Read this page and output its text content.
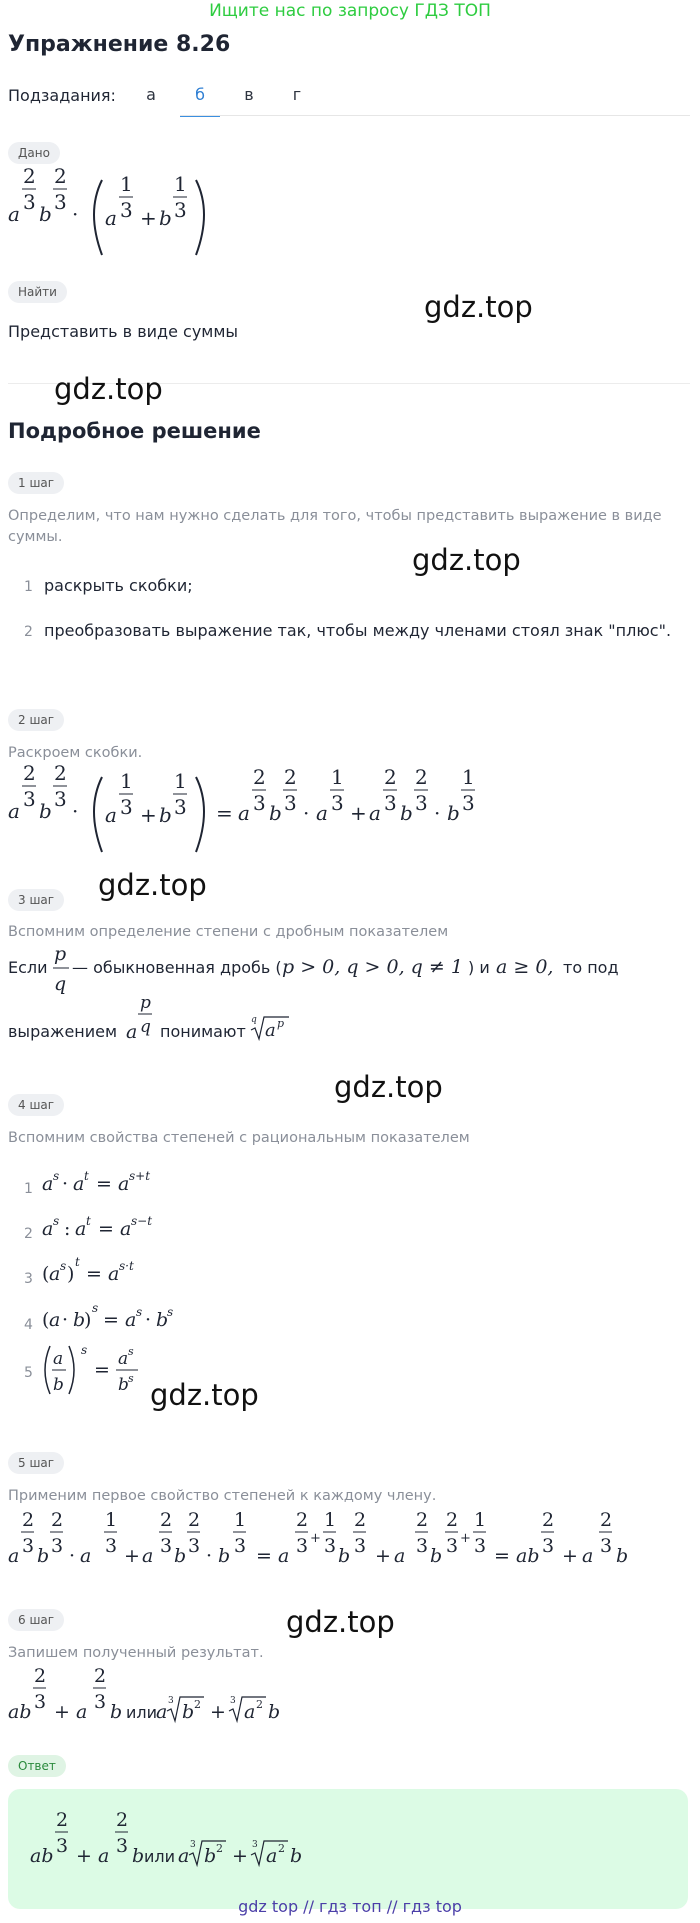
Ищите нас по запросу ГДЗ ТОП
Упражнение 8.26
Подзадания:	а	б	в	г
Дано
a
2
3 b
2
3 · a
1
3 + b
1
3
Найти
Представить в виде суммы
gdz.top
gdz.top
gdz.top
gdz.top
gdz.top
gdz.top
gdz.top
Подробное решение
1 шаг
Определим, что нам нужно сделать для того, чтобы представить выражение в виде суммы.
1 раскрыть скобки;
2 преобразовать выражение так, чтобы между членами стоял знак "плюс".
2 шаг
Раскроем скобки.
a
2
3 b
2
3 · a
1
3 + b
1
3 = a
2
3 b
2
3 · a
1
3 + a
2
3 b
2
3 · b
1
3
3 шаг
Вспомним определение степени с дробным показателем
Если
p
q
— обыкновенная дробь ( p > 0, q > 0, q ≠ 1 ) и a ≥ 0, то под
выражением a
p
q понимают
q a p
4 шаг
Вспомним свойства степеней с рациональным показателем
1 a s · a t = a s+t
2 a s : a t = a s−t
3 ( a s )
t
= a s·t
4 ( a · b
)
s
= a s · b
s
5
a
b
s
= a s
b s
5 шаг
Применим первое свойство степеней к каждому члену.
a
2
3 b
2
3 · a
1
3 + a
2
3 b
2
3 · b
1
3 = a
2
3 +
1
3 b
2
3 + a
2
3 b
2
3 +
1
3 = ab
2
3 + a
2
3 b
6 шаг
Запишем полученный результат.
ab
2
3 + a
2
3 b или
a 3 b 2 + 3 a 2 b
Ответ
ab
2
3 + a
2
3 b или a 3 b 2 + 3 a 2 b
gdz top // гдз топ // гдз top
